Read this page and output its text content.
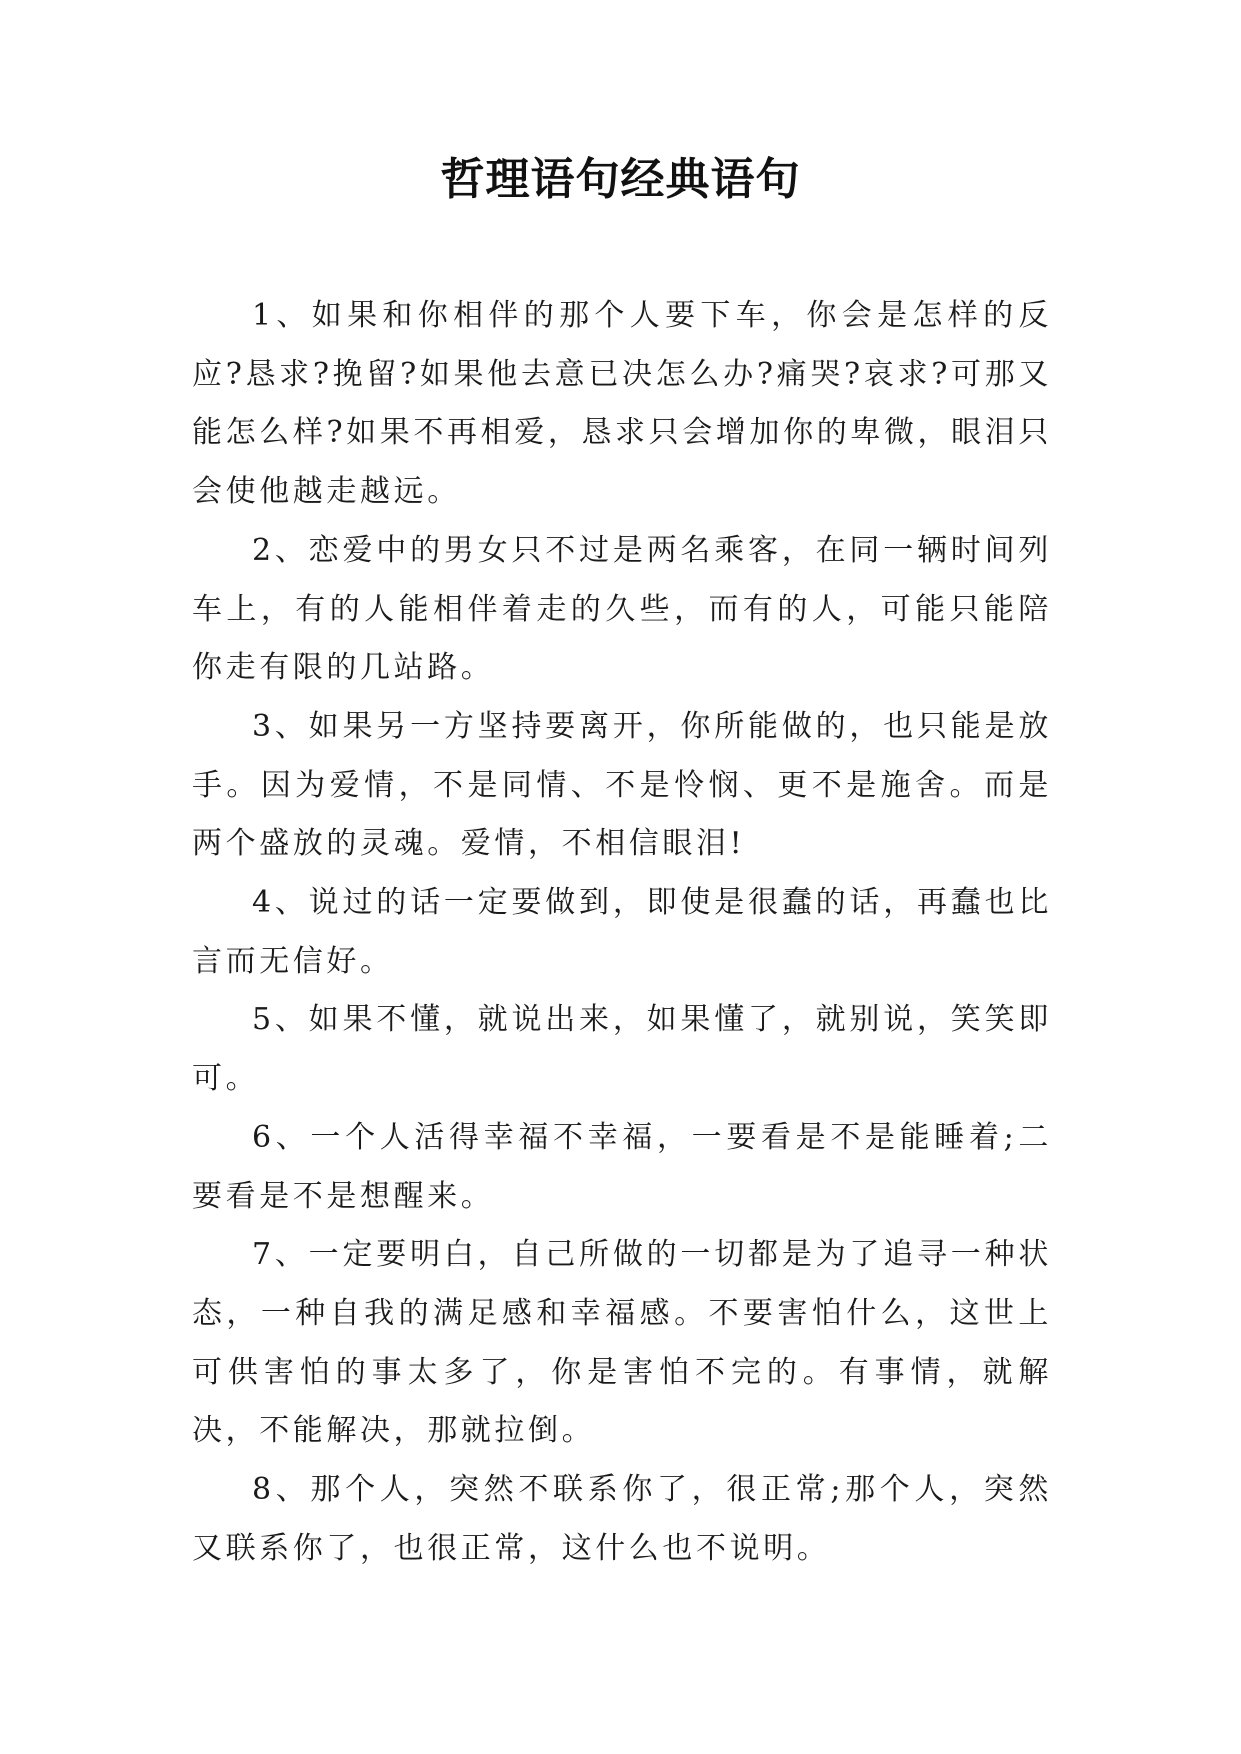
哲理语句经典语句

1、如果和你相伴的那个人要下车，你会是怎样的反应?恳求?挽留?如果他去意已决怎么办?痛哭?哀求?可那又能怎么样?如果不再相爱，恳求只会增加你的卑微，眼泪只会使他越走越远。

2、恋爱中的男女只不过是两名乘客，在同一辆时间列车上，有的人能相伴着走的久些，而有的人，可能只能陪你走有限的几站路。

3、如果另一方坚持要离开，你所能做的，也只能是放手。因为爱情，不是同情、不是怜悯、更不是施舍。而是两个盛放的灵魂。爱情，不相信眼泪!

4、说过的话一定要做到，即使是很蠢的话，再蠢也比言而无信好。

5、如果不懂，就说出来，如果懂了，就别说，笑笑即可。

6、一个人活得幸福不幸福，一要看是不是能睡着;二要看是不是想醒来。

7、一定要明白，自己所做的一切都是为了追寻一种状态，一种自我的满足感和幸福感。不要害怕什么，这世上可供害怕的事太多了，你是害怕不完的。有事情，就解决，不能解决，那就拉倒。

8、那个人，突然不联系你了，很正常;那个人，突然又联系你了，也很正常，这什么也不说明。
